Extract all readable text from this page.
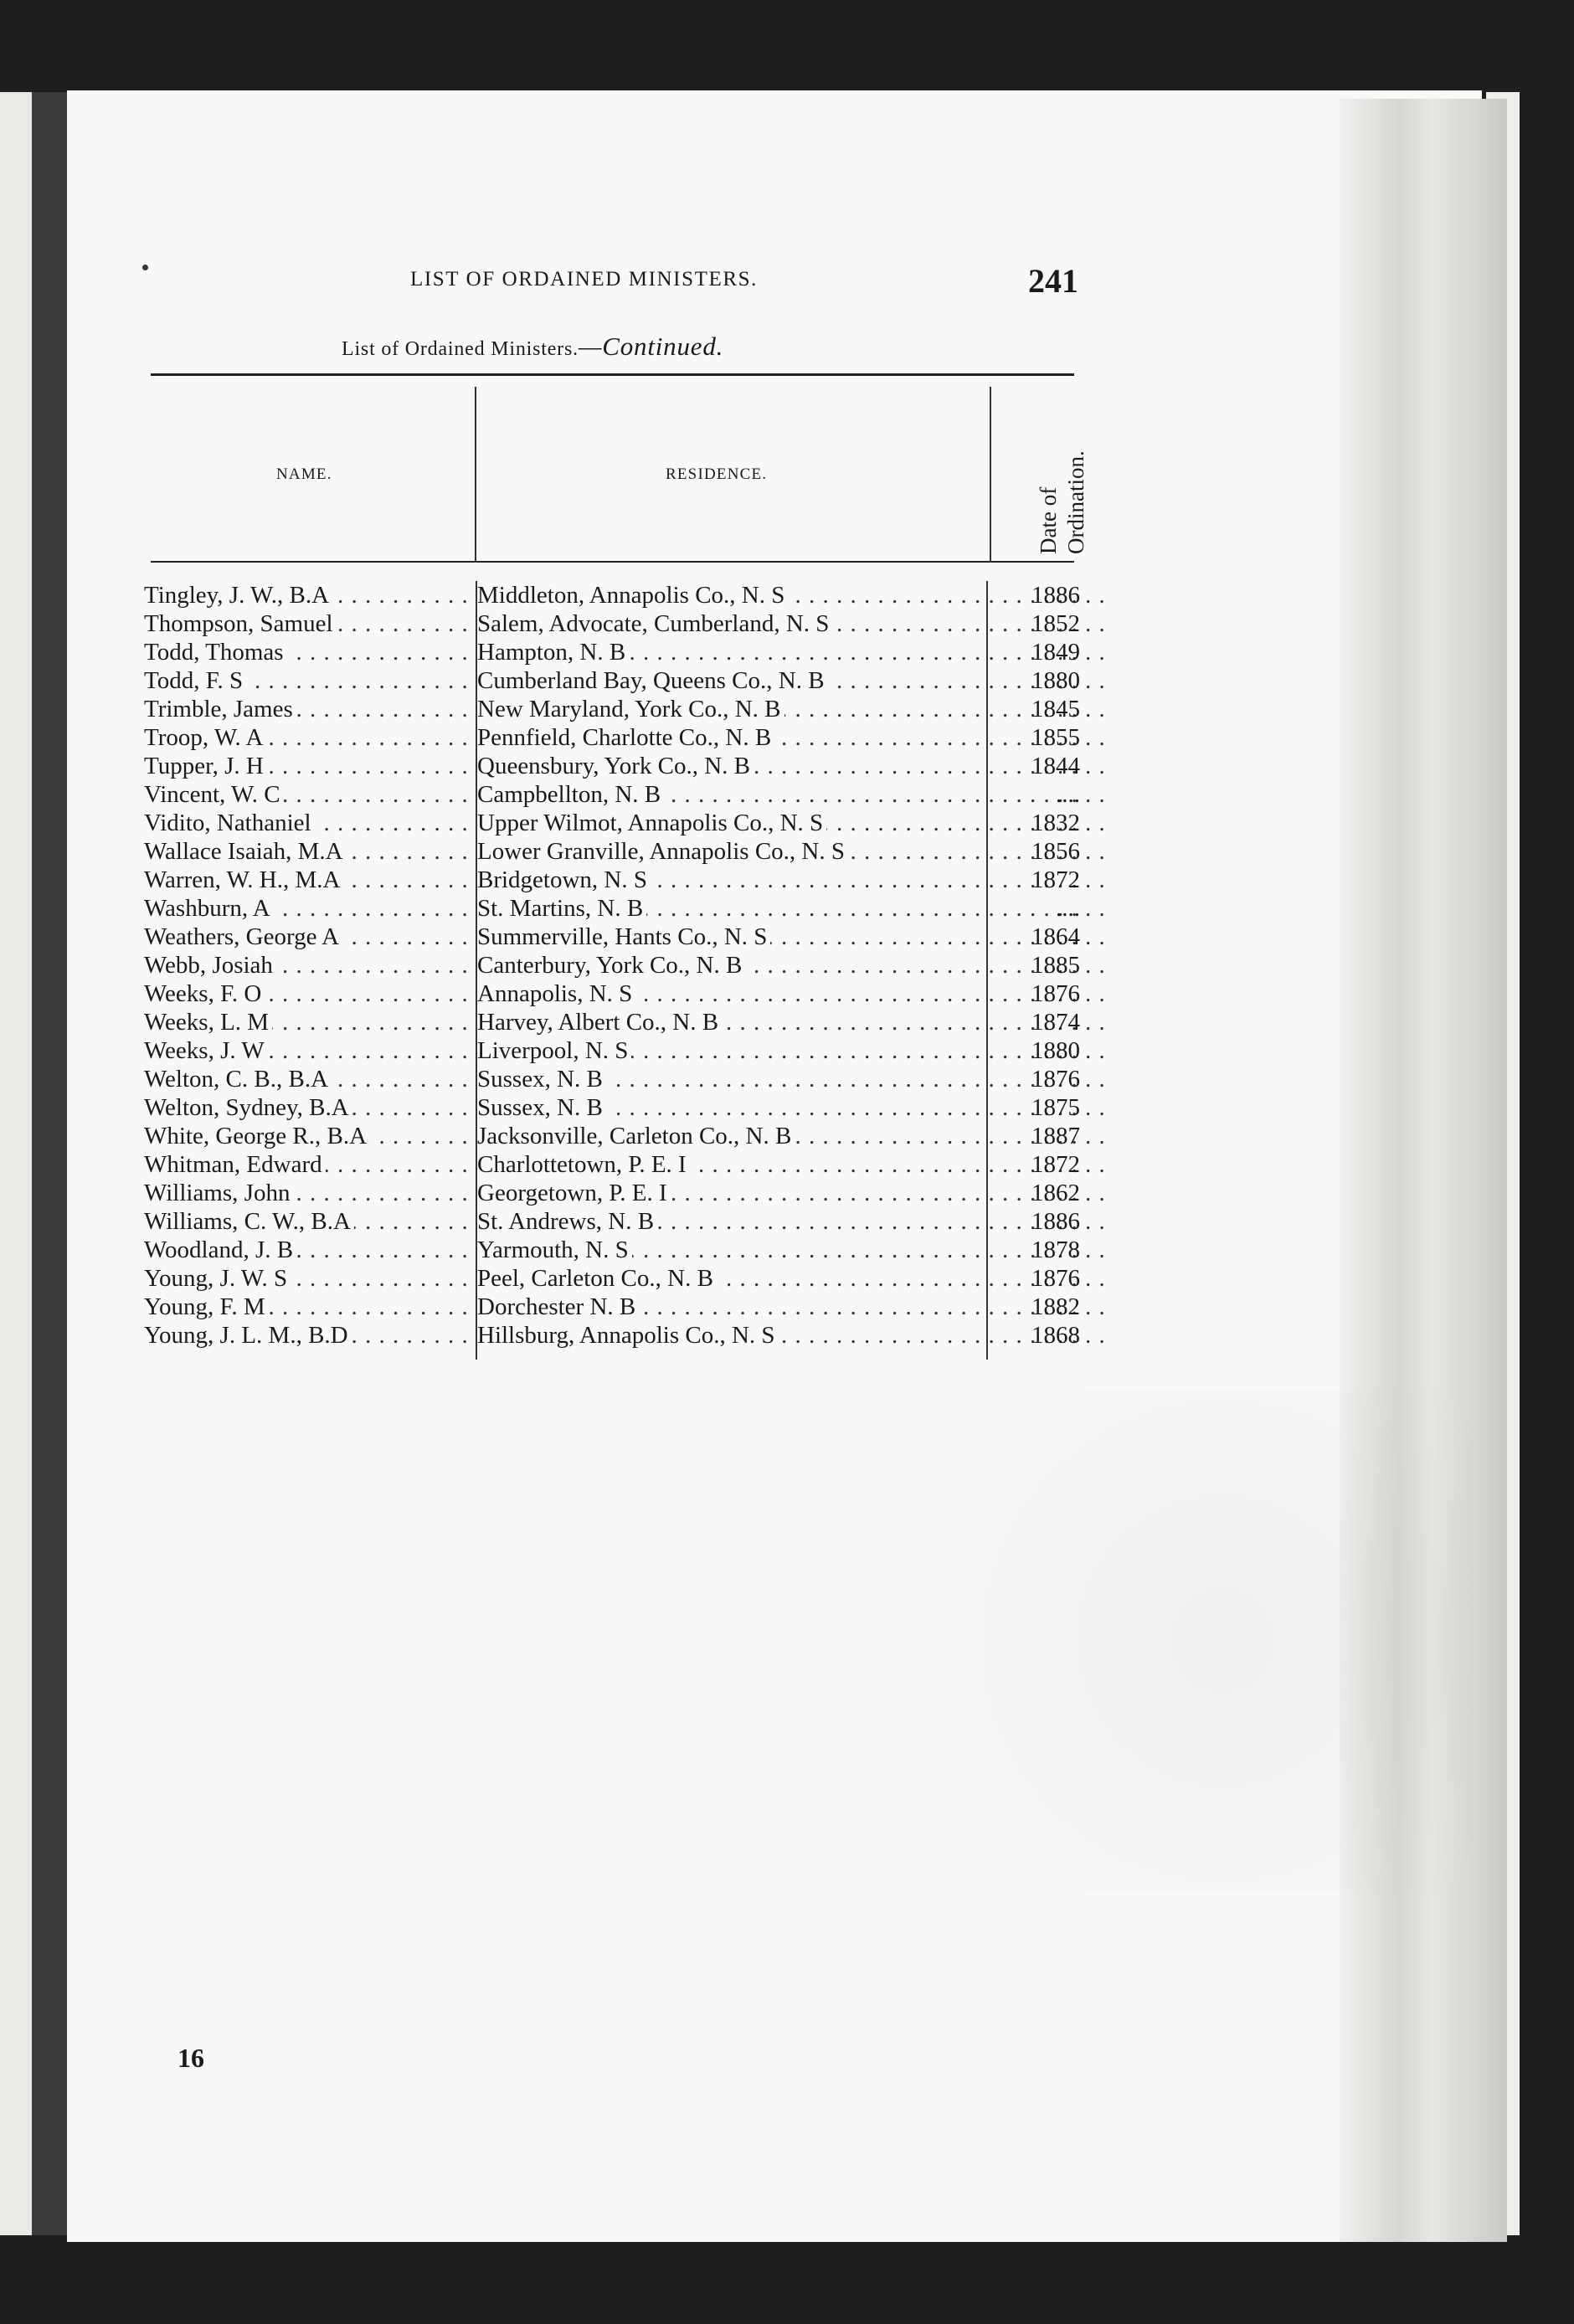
LIST OF ORDAINED MINISTERS.	241
List of Ordained Ministers.—Continued.
NAME.	RESIDENCE.
Date of Ordination.
Tingley, J. W., B.A . . .	Middleton, Annapolis Co., N. S . . .	1886
Thompson, Samuel . . .	Salem, Advocate, Cumberland, N. S . . .	1852
Todd, Thomas . . .	Hampton, N. B . . .	1849
Todd, F. S . . .	Cumberland Bay, Queens Co., N. B . . .	1880
Trimble, James . . .	New Maryland, York Co., N. B . . .	1845
Troop, W. A . . .	Pennfield, Charlotte Co., N. B . . .	1855
Tupper, J. H . . .	Queensbury, York Co., N. B . . .	1844
Vincent, W. C . . .	Campbellton, N. B . . .	....
Vidito, Nathaniel . . .	Upper Wilmot, Annapolis Co., N. S . . .	1832
Wallace Isaiah, M.A . . .	Lower Granville, Annapolis Co., N. S . . .	1856
Warren, W. H., M.A . . .	Bridgetown, N. S . . .	1872
Washburn, A . . .	St. Martins, N. B . . .	....
Weathers, George A . . .	Summerville, Hants Co., N. S . . .	1864
Webb, Josiah . . .	Canterbury, York Co., N. B . . .	1885
Weeks, F. O . . .	Annapolis, N. S . . .	1876
Weeks, L. M . . .	Harvey, Albert Co., N. B . . .	1874
Weeks, J. W . . .	Liverpool, N. S . . .	1880
Welton, C. B., B.A . . .	Sussex, N. B . . .	1876
Welton, Sydney, B.A . . .	Sussex, N. B . . .	1875
White, George R., B.A . . .	Jacksonville, Carleton Co., N. B . . .	1887
Whitman, Edward . . .	Charlottetown, P. E. I . . .	1872
Williams, John . . .	Georgetown, P. E. I . . .	1862
Williams, C. W., B.A . . .	St. Andrews, N. B . . .	1886
Woodland, J. B . . .	Yarmouth, N. S . . .	1878
Young, J. W. S . . .	Peel, Carleton Co., N. B . . .	1876
Young, F. M . . .	Dorchester N. B . . .	1882
Young, J. L. M., B.D . . .	Hillsburg, Annapolis Co., N. S . . .	1868
16
